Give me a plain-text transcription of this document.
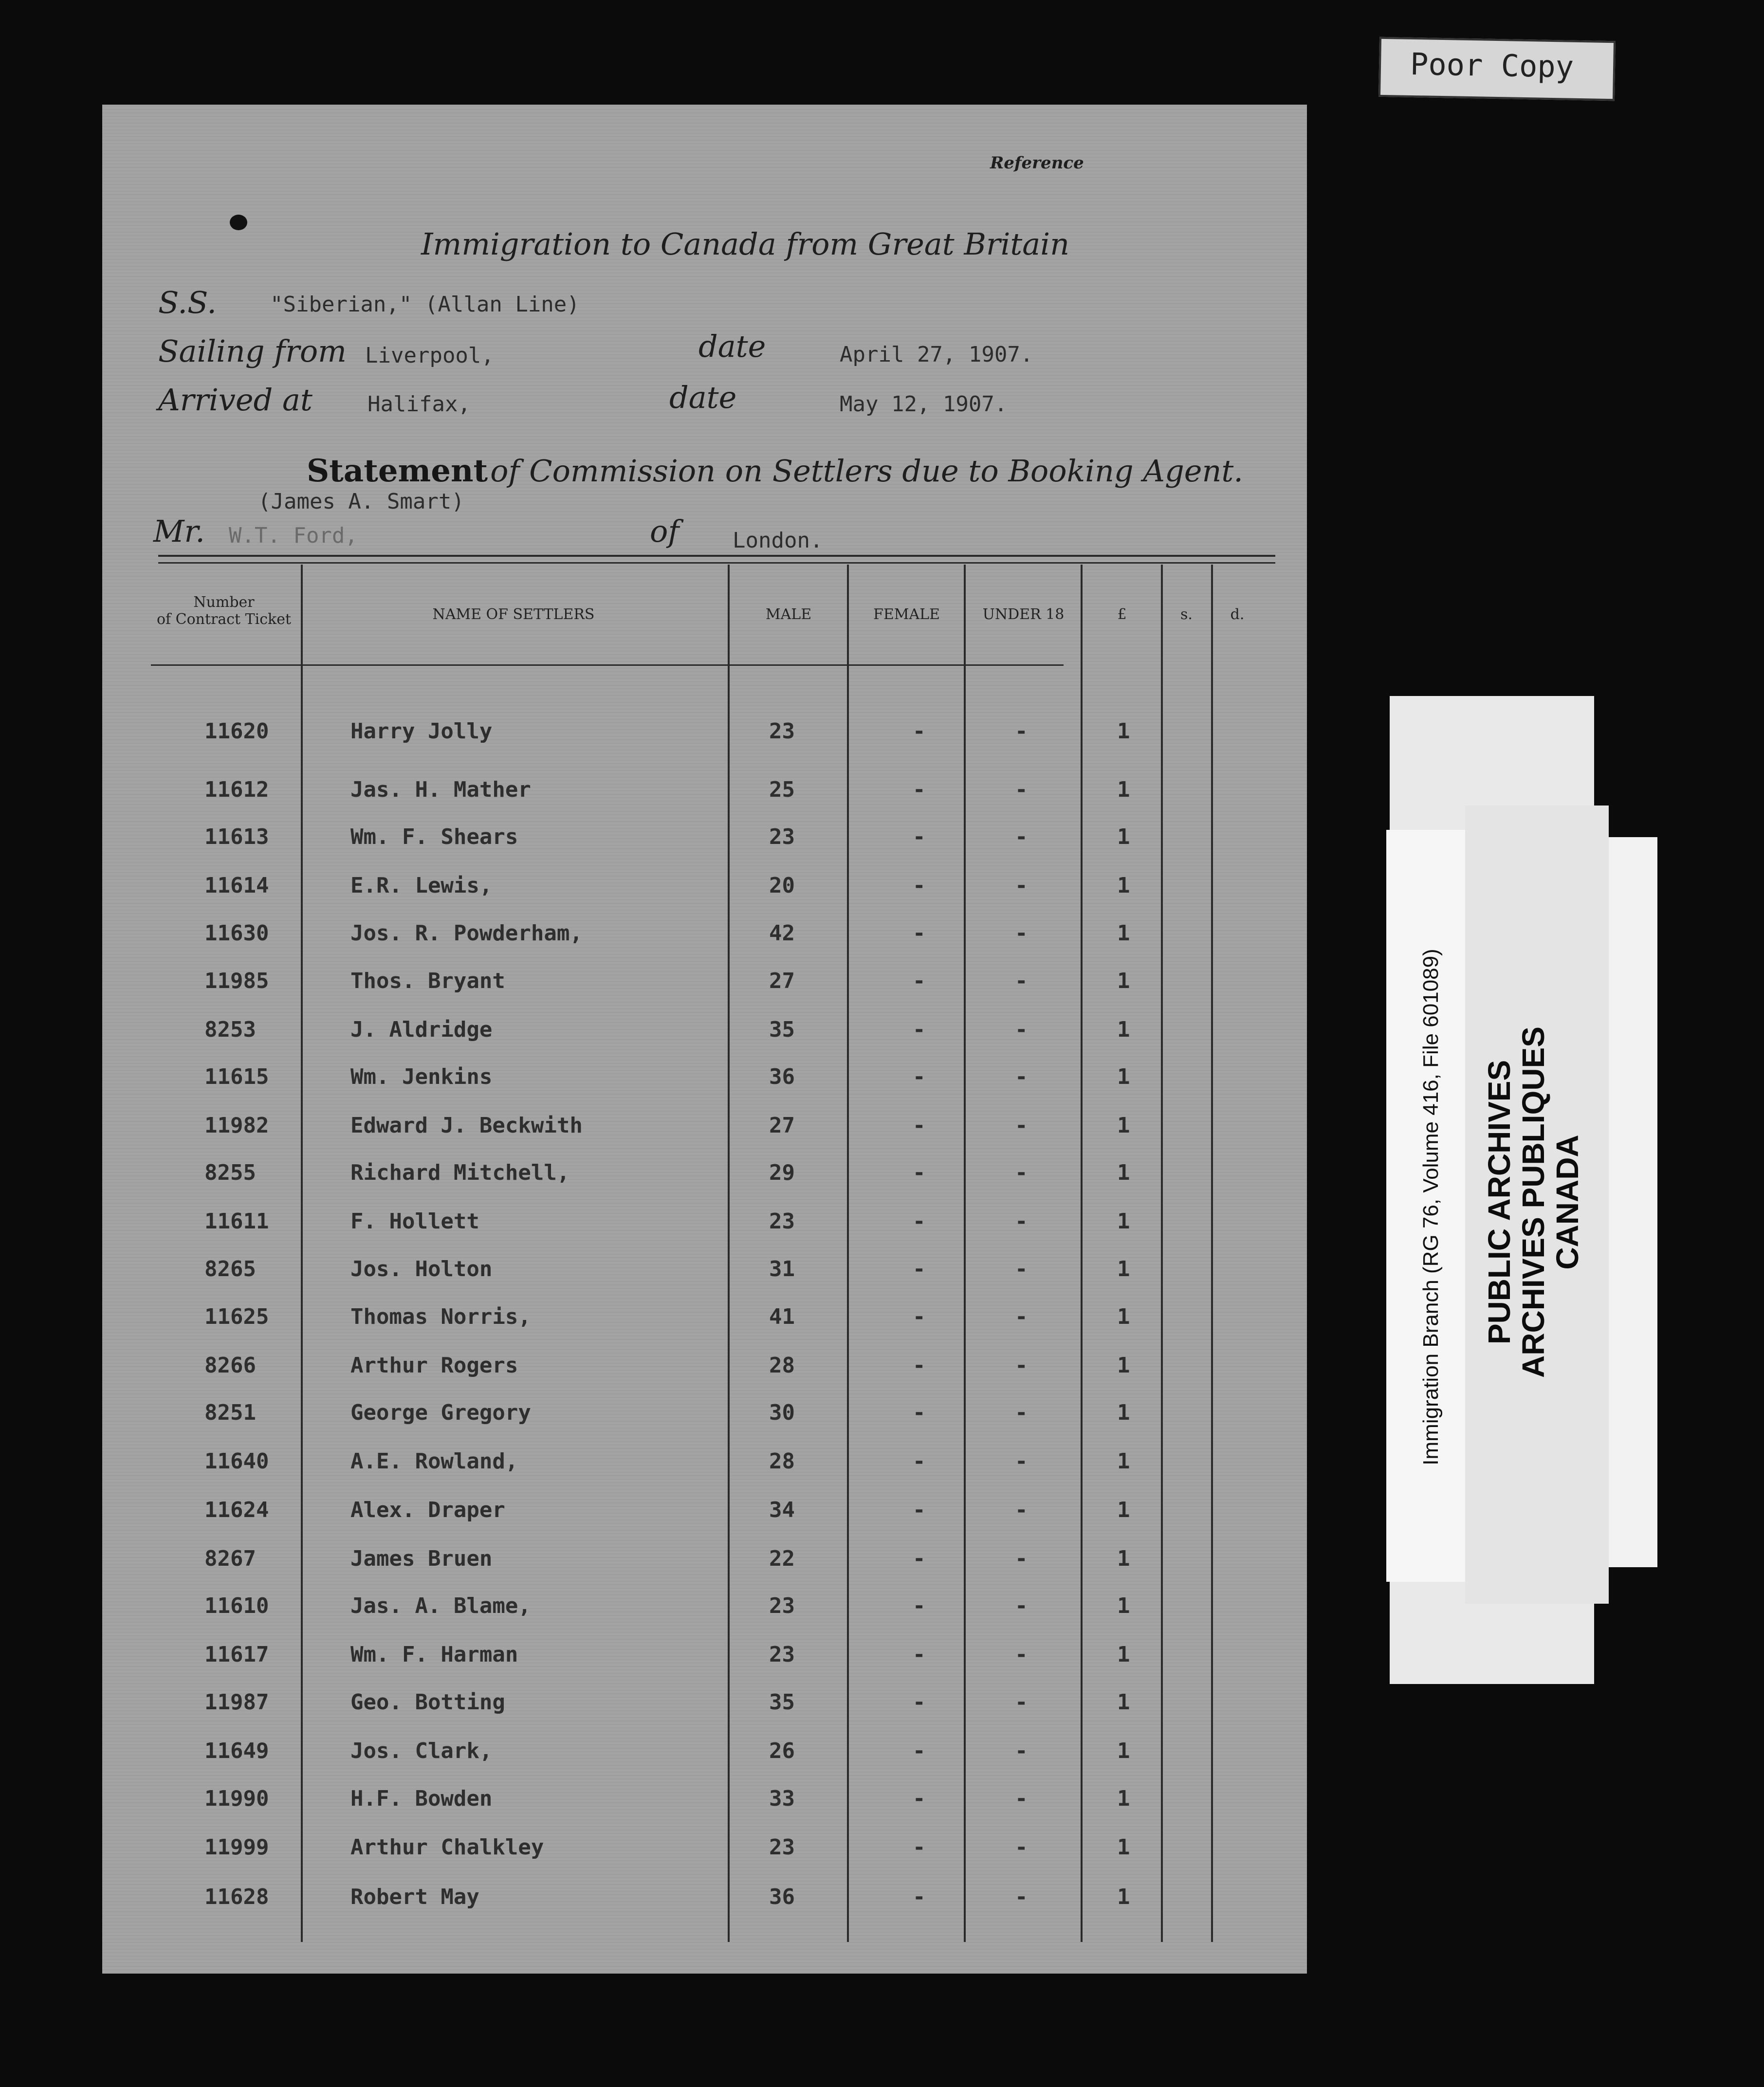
Poor Copy
Reference
Immigration to Canada from Great Britain
S.S.	"Siberian," (Allan Line)
Sailing from Liverpool,	date	April 27, 1907.
Arrived at	Halifax,	date	May 12, 1907.
Statement of Commission on Settlers due to Booking Agent.
(James A. Smart)
Mr. W.T. Ford,	of London.
Number
of Contract Ticket	NAME OF SETTLERS	MALE	FEMALE	UNDER 18	£	s.	d.
11620	Harry Jolly	23	-	-	1
11612	Jas. H. Mather	25	-	-	1
11613	Wm. F. Shears	23	-	-	1
11614	E.R. Lewis,	20	-	-	1
11630	Jos. R. Powderham,	42	-	-	1
11985	Thos. Bryant	27	-	-	1
8253	J. Aldridge	35	-	-	1
11615	Wm. Jenkins	36	-	-	1
11982	Edward J. Beckwith	27	-	-	1
8255	Richard Mitchell,	29	-	-	1
11611	F. Hollett	23	-	-	1
8265	Jos. Holton	31	-	-	1
11625	Thomas Norris,	41	-	-	1
8266	Arthur Rogers	28	-	-	1
8251	George Gregory	30	-	-	1
11640	A.E. Rowland,	28	-	-	1
11624	Alex. Draper	34	-	-	1
8267	James Bruen	22	-	-	1
11610	Jas. A. Blame,	23	-	-	1
11617	Wm. F. Harman	23	-	-	1
11987	Geo. Botting	35	-	-	1
11649	Jos. Clark,	26	-	-	1
11990	H.F. Bowden	33	-	-	1
11999	Arthur Chalkley	23	-	-	1
11628	Robert May	36	-	-	1
Immigration Branch (RG 76, Volume 416, File 601089) PUBLIC ARCHIVES
ARCHIVES PUBLIQUES
CANADA
